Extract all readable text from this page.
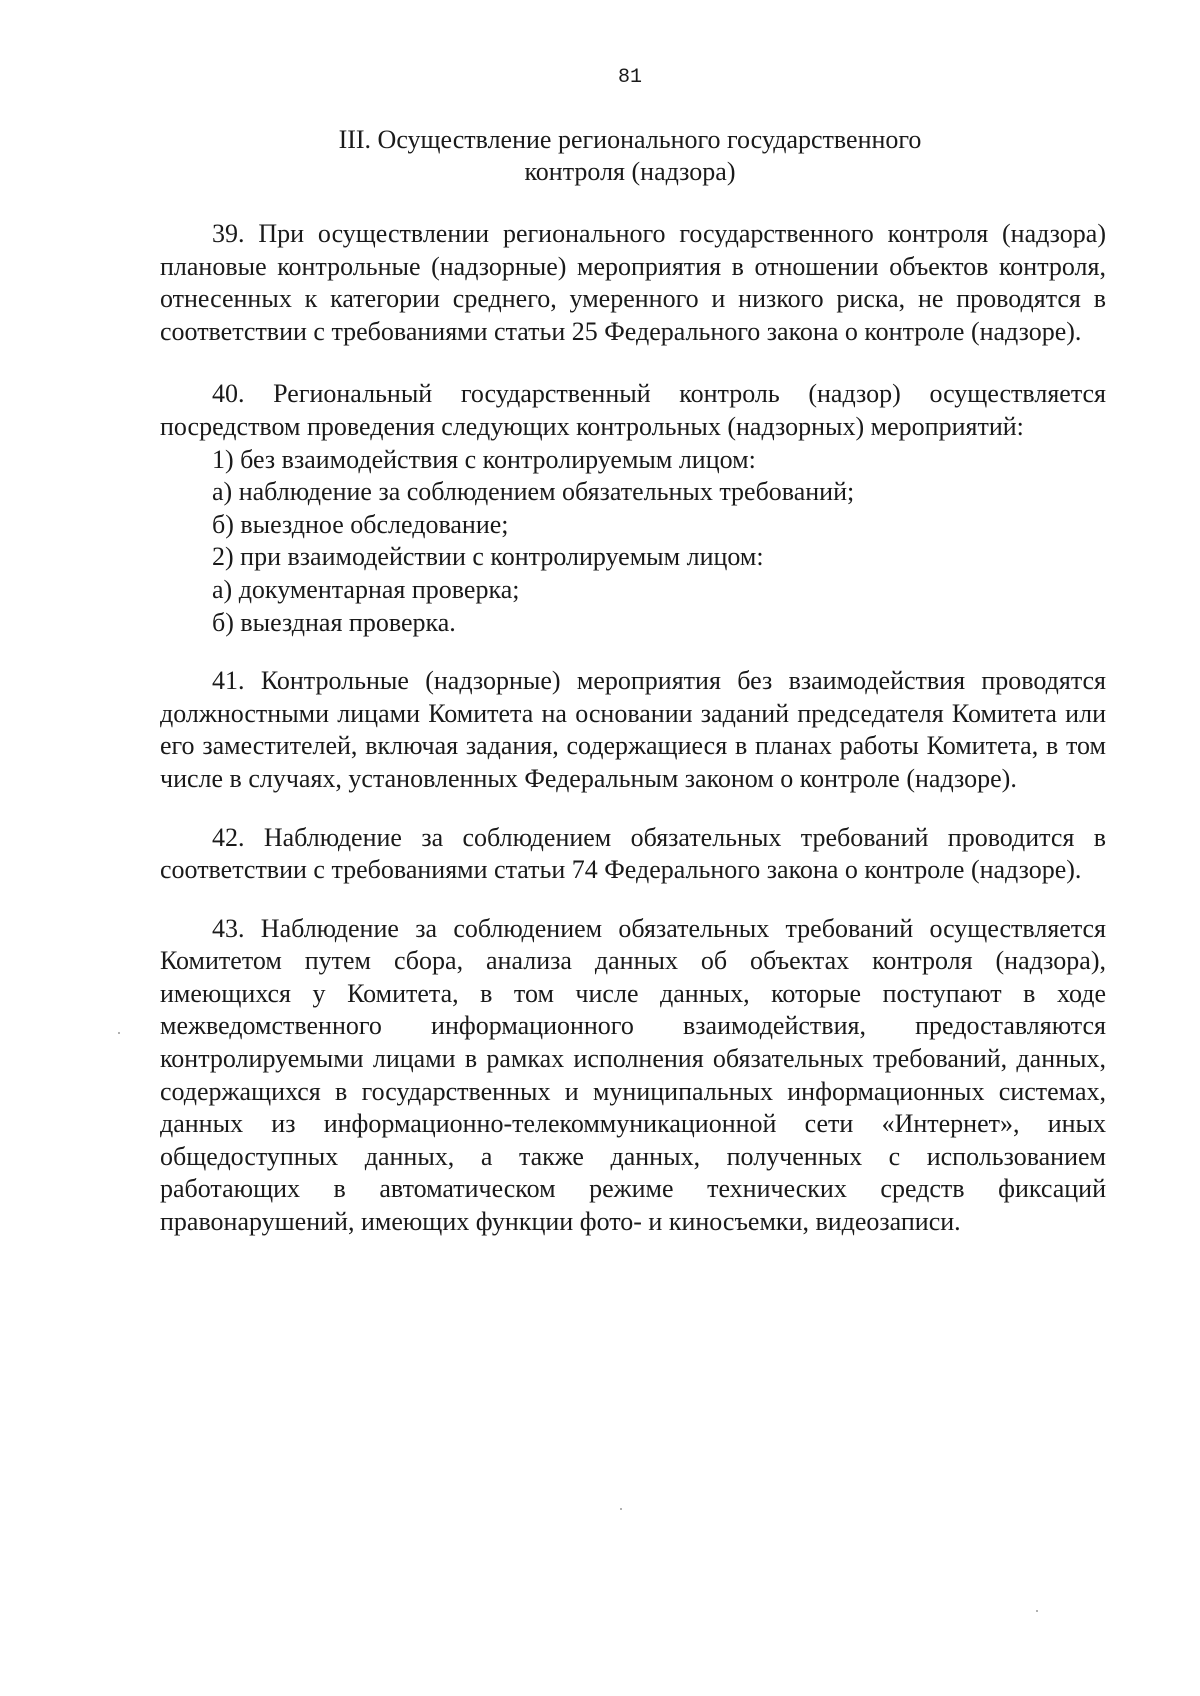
81
III. Осуществление регионального государственного
контроля (надзора)

39. При осуществлении регионального государственного контроля (надзора) плановые контрольные (надзорные) мероприятия в отношении объектов контроля, отнесенных к категории среднего, умеренного и низкого риска, не проводятся в соответствии с требованиями статьи 25 Федерального закона о контроле (надзоре).

40. Региональный государственный контроль (надзор) осуществляется посредством проведения следующих контрольных (надзорных) мероприятий:

1) без взаимодействия с контролируемым лицом:

а) наблюдение за соблюдением обязательных требований;

б) выездное обследование;

2) при взаимодействии с контролируемым лицом:

а) документарная проверка;

б) выездная проверка.

41. Контрольные (надзорные) мероприятия без взаимодействия проводятся должностными лицами Комитета на основании заданий председателя Комитета или его заместителей, включая задания, содержащиеся в планах работы Комитета, в том числе в случаях, установленных Федеральным законом о контроле (надзоре).

42. Наблюдение за соблюдением обязательных требований проводится в соответствии с требованиями статьи 74 Федерального закона о контроле (надзоре).

43. Наблюдение за соблюдением обязательных требований осуществляется Комитетом путем сбора, анализа данных об объектах контроля (надзора), имеющихся у Комитета, в том числе данных, которые поступают в ходе межведомственного информационного взаимодействия, предоставляются контролируемыми лицами в рамках исполнения обязательных требований, данных, содержащихся в государственных и муниципальных информационных системах, данных из информационно-телекоммуникационной сети «Интернет», иных общедоступных данных, а также данных, полученных с использованием работающих в автоматическом режиме технических средств фиксаций правонарушений, имеющих функции фото- и киносъемки, видеозаписи.
